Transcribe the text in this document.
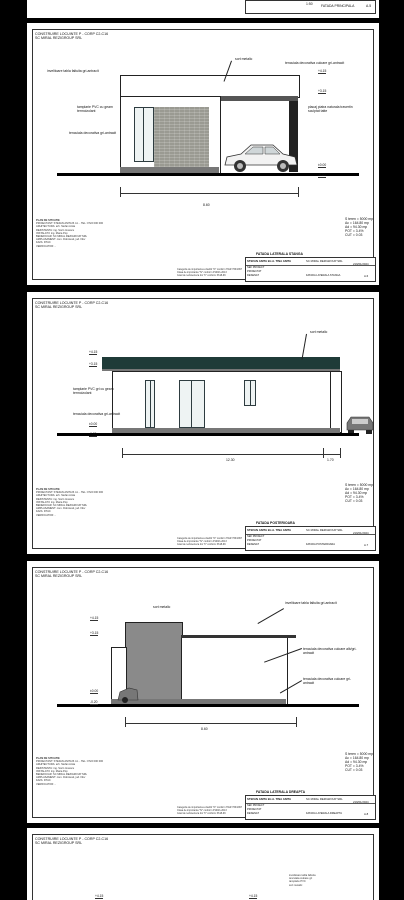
1:50 FATADA PRINCIPALA	A.5
CONSTRUIRE LOCUINTE P - CORP C2-C16
SC MIRAL REZIGROUP SRL
+4.15
+3.15
±0.00
-0.20
sort metalic
invelitoare tabla faltuita gri-antracit
tencuiala decorativa culoare gri-antracit
tamplarie PVC cu geam termoizolant
tencuiala decorativa gri-antracit
placaj piatra naturala travertin sculptat tatte
8.60
S teren = 5000 mp
Ac = 164.80 mp
Ad = 94.30 mp
POT = 3.4%
CUT = 0.03
PLAN DE SITUATIE
PROIECTANT: STEFAN ANITA B.I.A. - TEL: 0722 000 000
ARHITECTURA: arh. Stefan Anita
REZISTENTA: ing. Sorin Ionescu
INSTALATII: ing. Maria Pop
BENEFICIAR: SC MIRAL REZIGROUP SRL
AMPLASAMENT: com. Dobroesti, jud. Ilfov
FAZA: DTAC
VERIFICATOR: -
FATADA LATERALA STANGA
STEFAN ANITA B.I.A. TINA ANITA	SC MIRAL REZIGROUP SRL
219/01/2024
SEF PROIECT
PROIECTAT
DESENAT	FATADA LATERALA STANGA	A.6
Categoria de importanta a cladirii "D" conform HGR 766/1997
Clasa de importanta "IV" conform P100/1-2013
Grad de rezistenta la foc "II" conform P118-99
CONSTRUIRE LOCUINTE P - CORP C2-C16
SC MIRAL REZIGROUP SRL
+4.15
+3.15
±0.00
-0.20
sort metalic
tamplarie PVC gri cu geam termoizolant
tencuiala decorativa gri-antracit
12.30	1.70
S teren = 5000 mp
Ac = 164.80 mp
Ad = 94.30 mp
POT = 3.4%
CUT = 0.03
PLAN DE SITUATIE
PROIECTANT: STEFAN ANITA B.I.A. - TEL: 0722 000 000
ARHITECTURA: arh. Stefan Anita
REZISTENTA: ing. Sorin Ionescu
INSTALATII: ing. Maria Pop
BENEFICIAR: SC MIRAL REZIGROUP SRL
AMPLASAMENT: com. Dobroesti, jud. Ilfov
FAZA: DTAC
VERIFICATOR: -
FATADA POSTERIOARA
STEFAN ANITA B.I.A. TINA ANITA	SC MIRAL REZIGROUP SRL
219/01/2024
SEF PROIECT
PROIECTAT
DESENAT	FATADA POSTERIOARA	A.7
Categoria de importanta a cladirii "D" conform HGR 766/1997
Clasa de importanta "IV" conform P100/1-2013
Grad de rezistenta la foc "II" conform P118-99
CONSTRUIRE LOCUINTE P - CORP C2-C16
SC MIRAL REZIGROUP SRL
+4.15
+3.15
±0.00
-0.20
sort metalic
invelitoare tabla faltuita gri-antracit
tencuiala decorativa culoare alb/gri-antracit
tencuiala decorativa culoare gri-antracit
8.60
S teren = 5000 mp
Ac = 164.80 mp
Ad = 94.30 mp
POT = 3.4%
CUT = 0.03
PLAN DE SITUATIE
PROIECTANT: STEFAN ANITA B.I.A. - TEL: 0722 000 000
ARHITECTURA: arh. Stefan Anita
REZISTENTA: ing. Sorin Ionescu
INSTALATII: ing. Maria Pop
BENEFICIAR: SC MIRAL REZIGROUP SRL
AMPLASAMENT: com. Dobroesti, jud. Ilfov
FAZA: DTAC
VERIFICATOR: -
FATADA LATERALA DREAPTA
STEFAN ANITA B.I.A. TINA ANITA	SC MIRAL REZIGROUP SRL
219/01/2024
SEF PROIECT
PROIECTAT
DESENAT	FATADA LATERALA DREAPTA	A.8
Categoria de importanta a cladirii "D" conform HGR 766/1997
Clasa de importanta "IV" conform P100/1-2013
Grad de rezistenta la foc "II" conform P118-99
CONSTRUIRE LOCUINTE P - CORP C2-C16
SC MIRAL REZIGROUP SRL
invelitoare tabla faltuita
tencuiala culoare gri
tamplarie PVC
sort metalic
+4.15	+4.15
